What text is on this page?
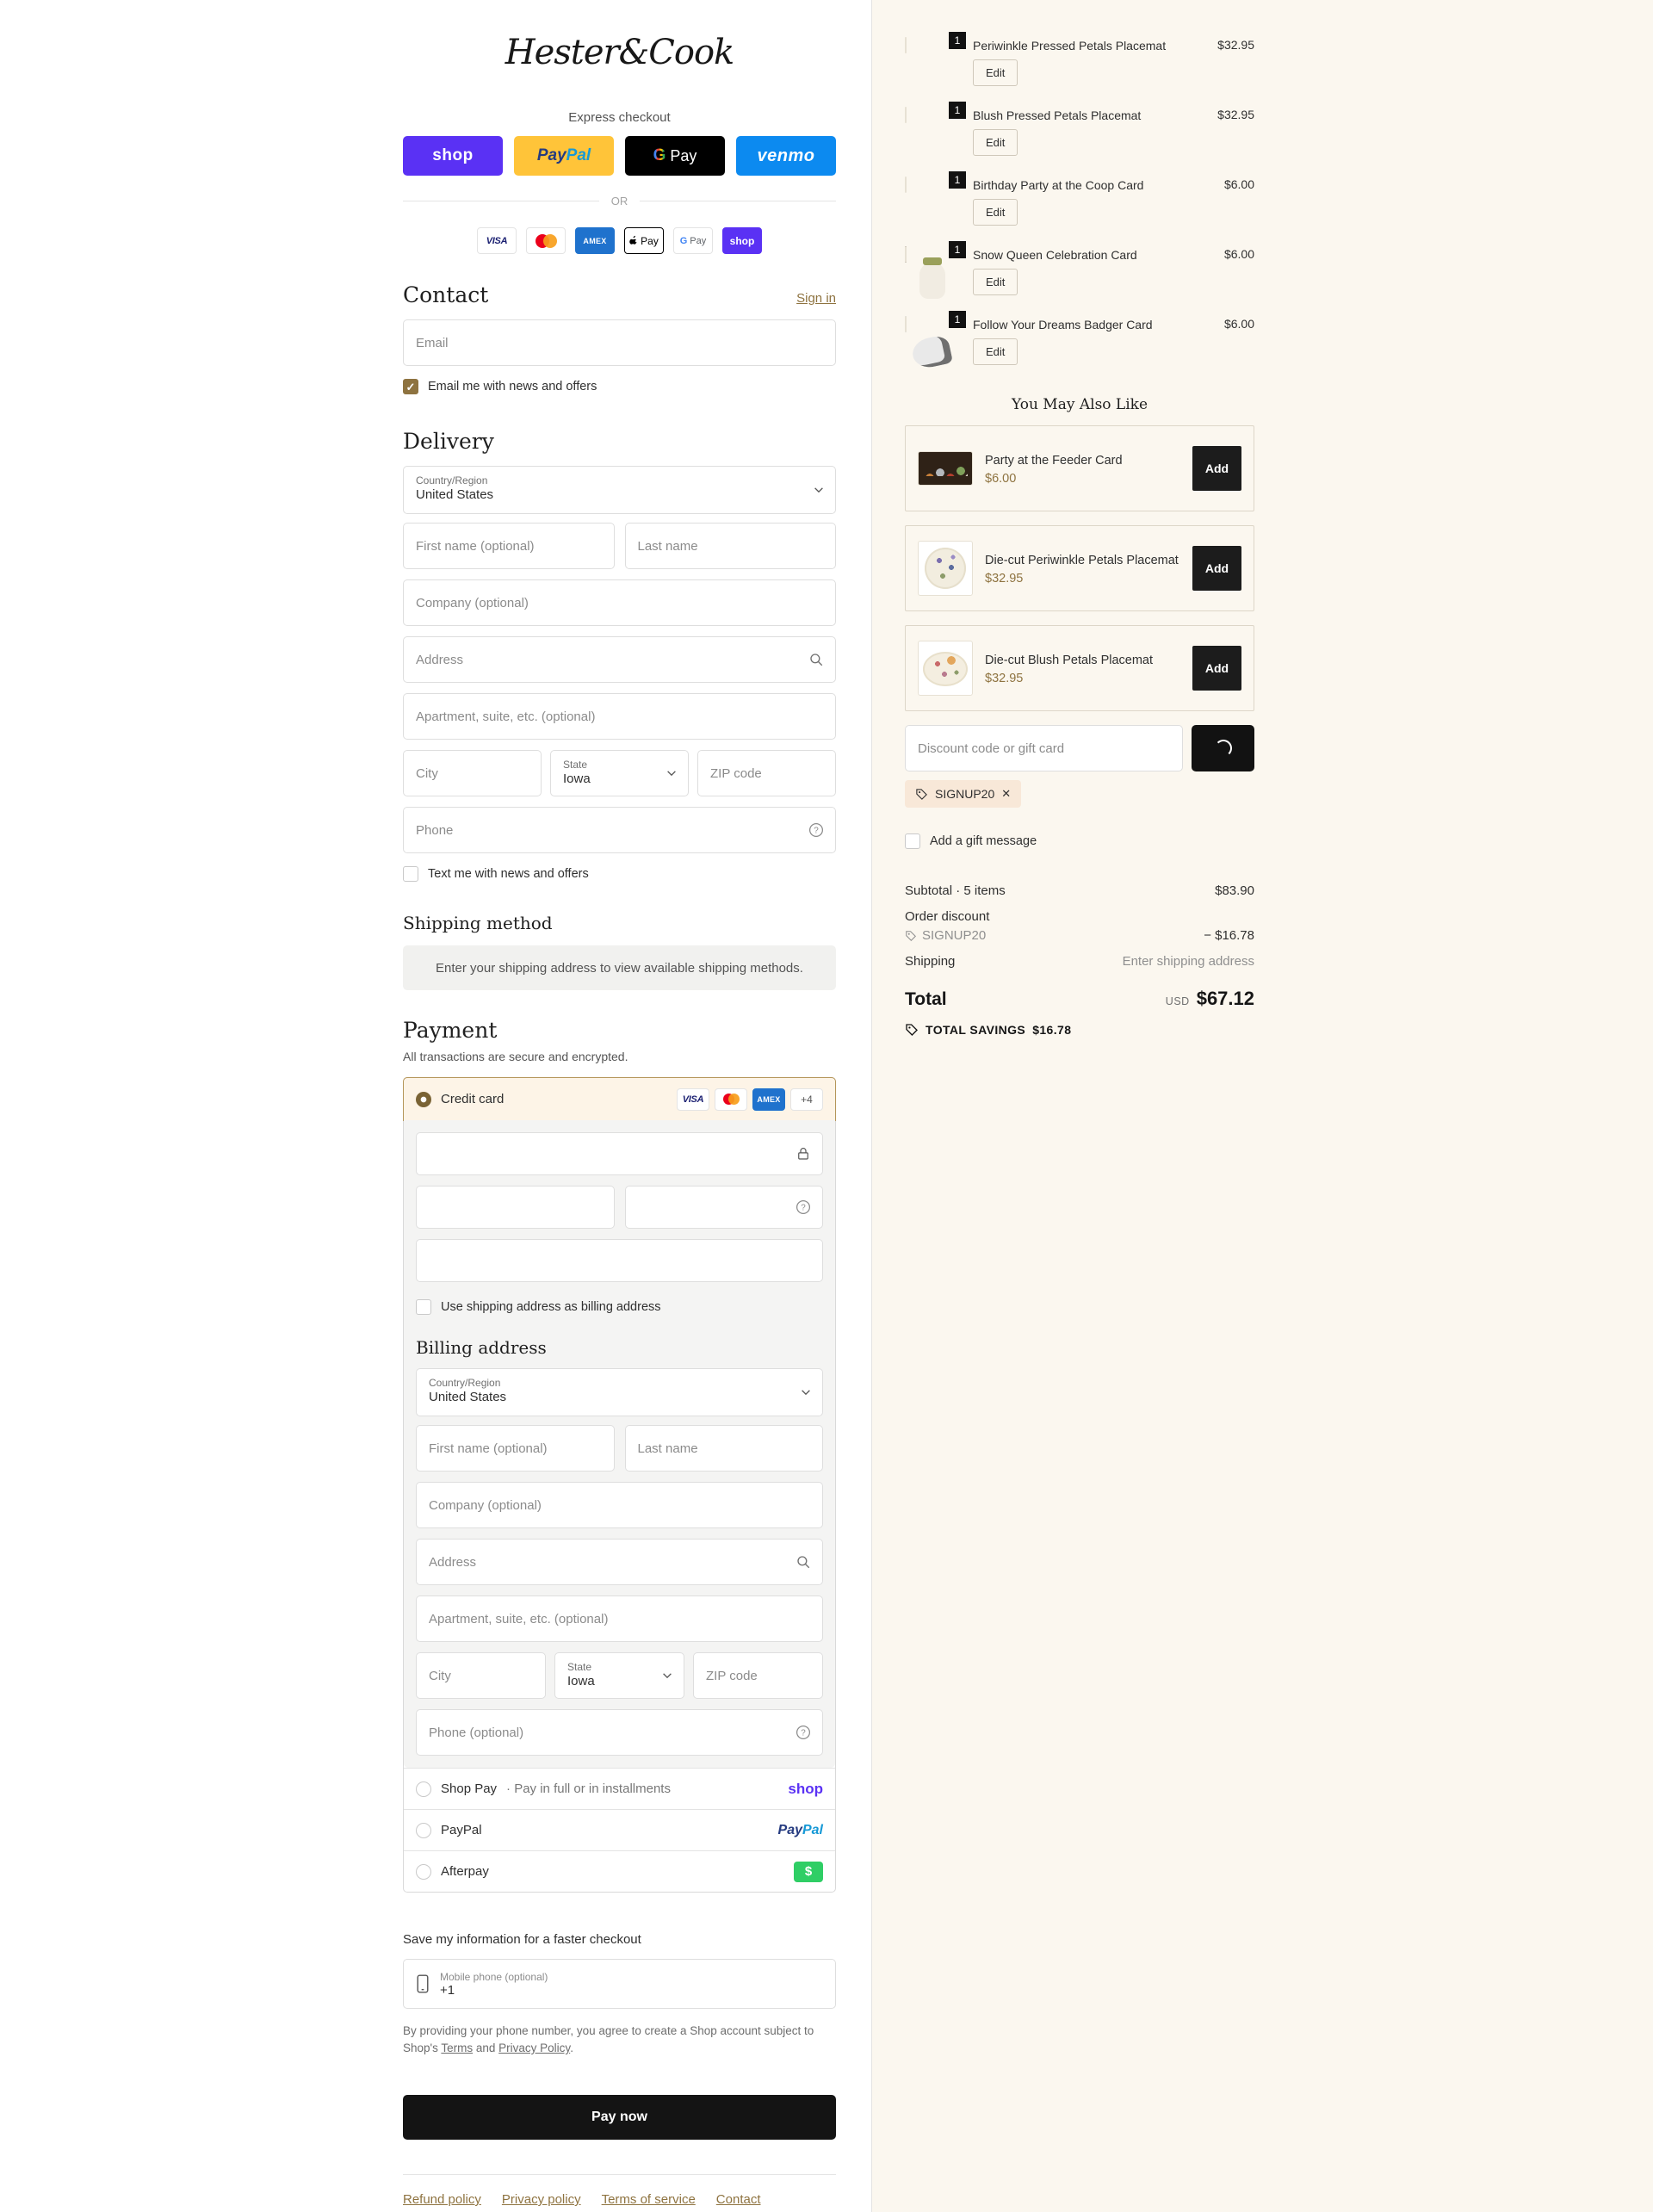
Hester&Cook
Express checkout
shop	Pay Pal	G Pay	venmo
OR
VISA	AMEX	Pay G Pay	shop
Contact	Sign in
Email
✓
Email me with news and offers
Delivery
Country/Region
United States
First name (optional)
Last name
Company (optional)
Address
Apartment, suite, etc. (optional)
City
State
Iowa
ZIP code
Phone
?
Text me with news and offers
Shipping method
Enter your shipping address to view available shipping methods.
Payment
All transactions are secure and encrypted.
Credit card	VISA	AMEX	+4
?
Use shipping address as billing address
Billing address
Country/Region
United States
First name (optional)
Last name
Company (optional)
Address
Apartment, suite, etc. (optional)
City
State
Iowa
ZIP code
Phone (optional)
?
Shop Pay · Pay in full or in installments	shop
PayPal	PayPal
Afterpay
$
Save my information for a faster checkout
Mobile phone (optional)
+1
By providing your phone number, you agree to create a Shop account subject to Shop's Terms and Privacy Policy.
Pay now
Refund policy Privacy policy Terms of service Contact
1	Periwinkle Pressed Petals Placemat
Edit
$32.95
1	Blush Pressed Petals Placemat
Edit
$32.95
1	Birthday Party at the Coop Card
Edit
$6.00
1	Snow Queen Celebration Card
Edit
$6.00
1	Follow Your Dreams Badger Card
Edit
$6.00
You May Also Like
Party at the Feeder Card
$6.00
Add
Die-cut Periwinkle Petals Placemat
$32.95
Add
Die-cut Blush Petals Placemat
$32.95
Add
Discount code or gift card
SIGNUP20
✕
Add a gift message
Subtotal · 5 items	$83.90
Order discount
SIGNUP20	− $16.78
Shipping	Enter shipping address
Total	USD $67.12
TOTAL SAVINGS $16.78
